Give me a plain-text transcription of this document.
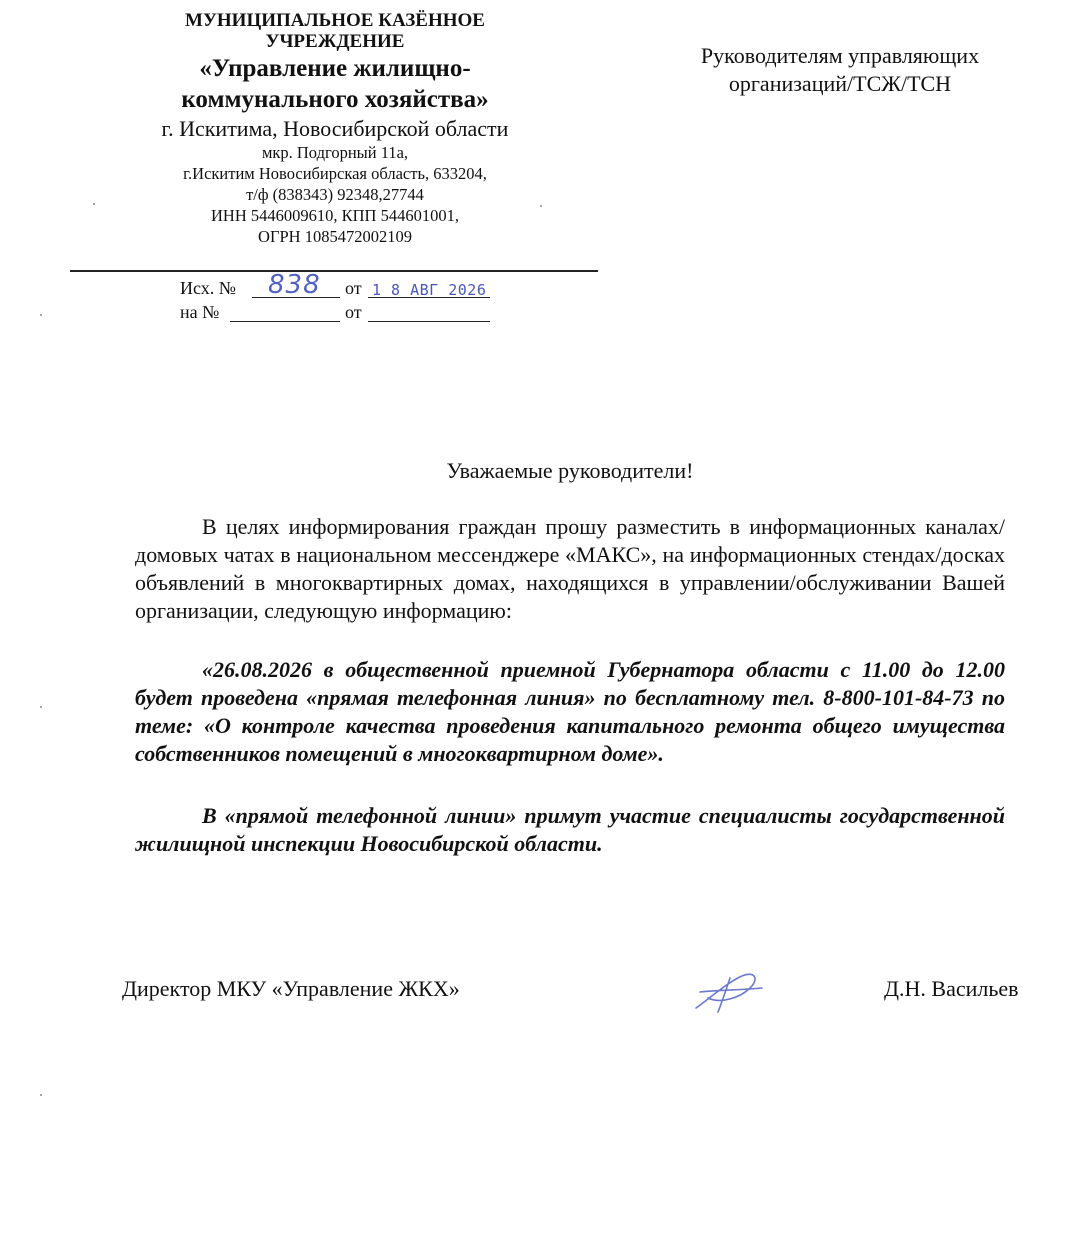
МУНИЦИПАЛЬНОЕ КАЗЁННОЕ
УЧРЕЖДЕНИЕ
«Управление жилищно-
коммунального хозяйства»
г. Искитима, Новосибирской области
мкр. Подгорный 11а,
г.Искитим Новосибирская область, 633204,
т/ф (838343) 92348,27744
ИНН 5446009610, КПП 544601001,
ОГРН 1085472002109
Исх. № 838 от 1 8 АВГ 2026
на №	от
Руководителям управляющих
организаций/ТСЖ/ТСН
Уважаемые руководители!
В целях информирования граждан прошу разместить в информационных каналах/домовых чатах в национальном мессенджере «МАКС», на информационных стендах/досках объявлений в многоквартирных домах, находящихся в управлении/обслуживании Вашей организации, следующую информацию:
«26.08.2026 в общественной приемной Губернатора области с 11.00 до 12.00 будет проведена «прямая телефонная линия» по бесплатному тел. 8-800-101-84-73 по теме: «О контроле качества проведения капитального ремонта общего имущества собственников помещений в многоквартирном доме».
В «прямой телефонной линии» примут участие специалисты государственной жилищной инспекции Новосибирской области.
Директор МКУ «Управление ЖКХ»	Д.Н. Васильев
